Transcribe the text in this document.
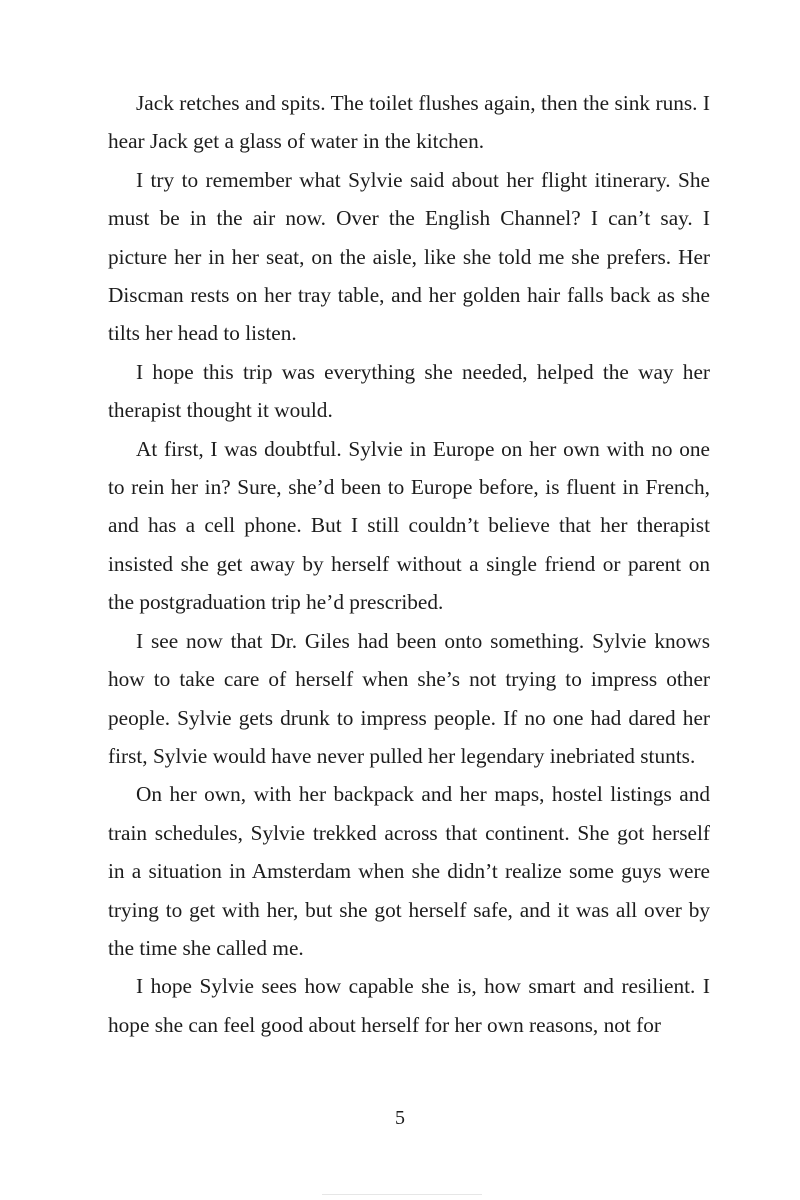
Jack retches and spits. The toilet flushes again, then the sink runs. I hear Jack get a glass of water in the kitchen.

I try to remember what Sylvie said about her flight itinerary. She must be in the air now. Over the English Channel? I can’t say. I picture her in her seat, on the aisle, like she told me she prefers. Her Discman rests on her tray table, and her golden hair falls back as she tilts her head to listen.

I hope this trip was everything she needed, helped the way her therapist thought it would.

At first, I was doubtful. Sylvie in Europe on her own with no one to rein her in? Sure, she’d been to Europe before, is fluent in French, and has a cell phone. But I still couldn’t believe that her therapist insisted she get away by herself without a single friend or parent on the postgraduation trip he’d prescribed.

I see now that Dr. Giles had been onto something. Sylvie knows how to take care of herself when she’s not trying to impress other people. Sylvie gets drunk to impress people. If no one had dared her first, Sylvie would have never pulled her legendary inebriated stunts.

On her own, with her backpack and her maps, hostel listings and train schedules, Sylvie trekked across that continent. She got herself in a situation in Amsterdam when she didn’t realize some guys were trying to get with her, but she got herself safe, and it was all over by the time she called me.

I hope Sylvie sees how capable she is, how smart and resilient. I hope she can feel good about herself for her own reasons, not for

5
